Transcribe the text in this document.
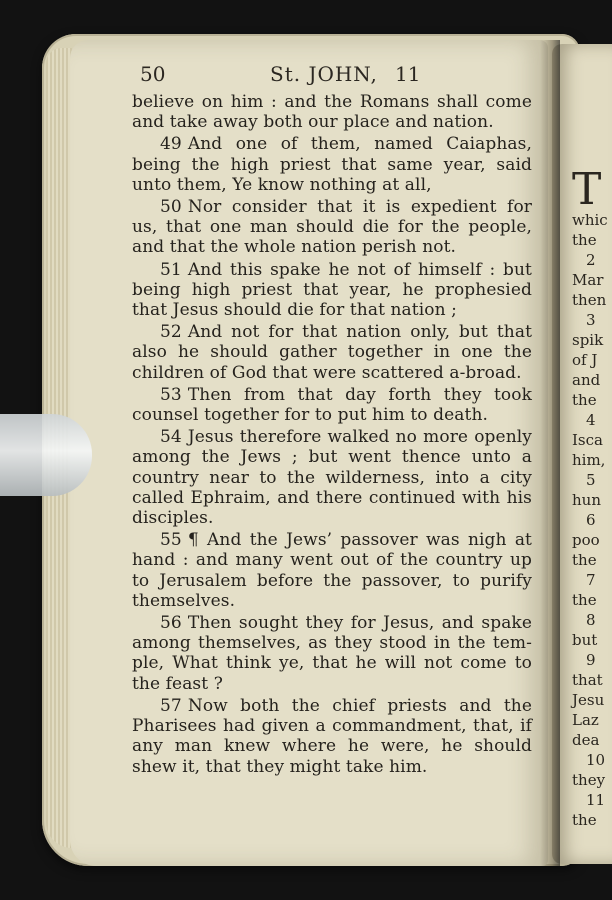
50	St. JOHN, 11

believe on him : and the Romans shall come and take away both our place and nation.

49 And one of them, named Caiaphas, being the high priest that same year, said unto them, Ye know nothing at all,

50 Nor consider that it is expedient for us, that one man should die for the people, and that the whole nation perish not.

51 And this spake he not of himself : but being high priest that year, he prophesied that Jesus should die for that nation ;

52 And not for that nation only, but that also he should gather together in one the children of God that were scattered a-broad.

53 Then from that day forth they took counsel together for to put him to death.

54 Jesus therefore walked no more openly among the Jews ; but went thence unto a country near to the wilderness, into a city called Ephraim, and there continued with his disciples.

55 ¶ And the Jews’ passover was nigh at hand : and many went out of the country up to Jerusalem before the passover, to purify themselves.

56 Then sought they for Jesus, and spake among themselves, as they stood in the tem-ple, What think ye, that he will not come to the feast ?

57 Now both the chief priests and the Pharisees had given a commandment, that, if any man knew where he were, he should shew it, that they might take him.

T
whic
the
2
Mar
then
3
spik
of J
and
the
4
Isca
him,
5
hun
6
poo
the
7
the
8
but
9
that
Jesu
Laz
dea
10
they
11
the
